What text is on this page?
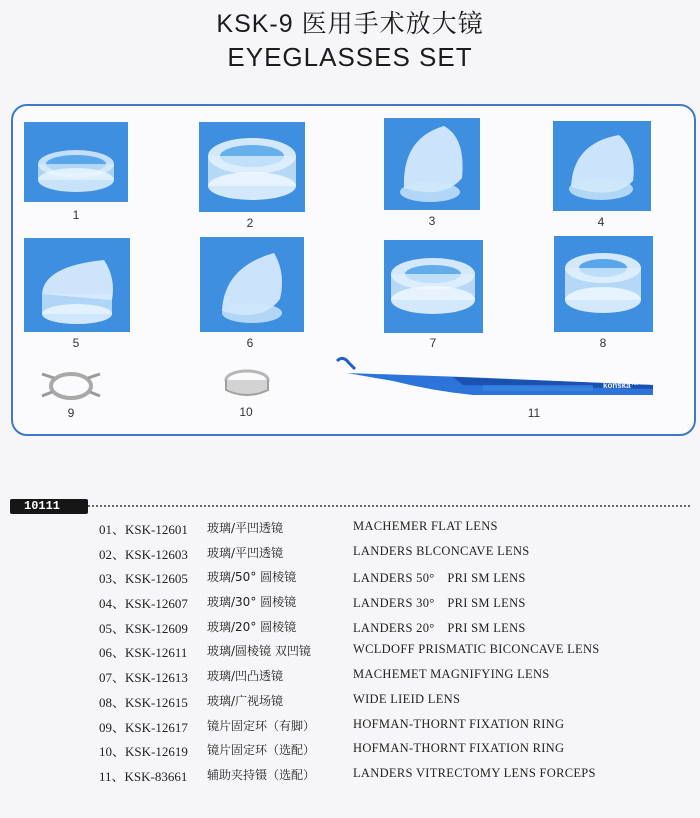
KSK-9 医用手术放大镜
EYEGLASSES SET
1
2	3	4
5	6	7	8
9	10
konska™
11
10111
01、KSK-12601 玻璃/平凹透镜	MACHEMER FLAT LENS
02、KSK-12603 玻璃/平凹透镜	LANDERS BLCONCAVE LENS
03、KSK-12605 玻璃/50° 圆棱镜	LANDERS 50°　PRI SM LENS
04、KSK-12607 玻璃/30° 圆棱镜	LANDERS 30°　PRI SM LENS
05、KSK-12609 玻璃/20° 圆棱镜	LANDERS 20°　PRI SM LENS
06、KSK-12611 玻璃/圆棱镜 双凹镜	WCLDOFF PRISMATIC BICONCAVE LENS
07、KSK-12613 玻璃/凹凸透镜	MACHEMET MAGNIFYING LENS
08、KSK-12615 玻璃/广视场镜	WIDE LIEID LENS
09、KSK-12617 镜片固定环（有脚）	HOFMAN-THORNT FIXATION RING
10、KSK-12619 镜片固定环（选配）	HOFMAN-THORNT FIXATION RING
11、KSK-83661 辅助夹持镊（选配）	LANDERS VITRECTOMY LENS FORCEPS
